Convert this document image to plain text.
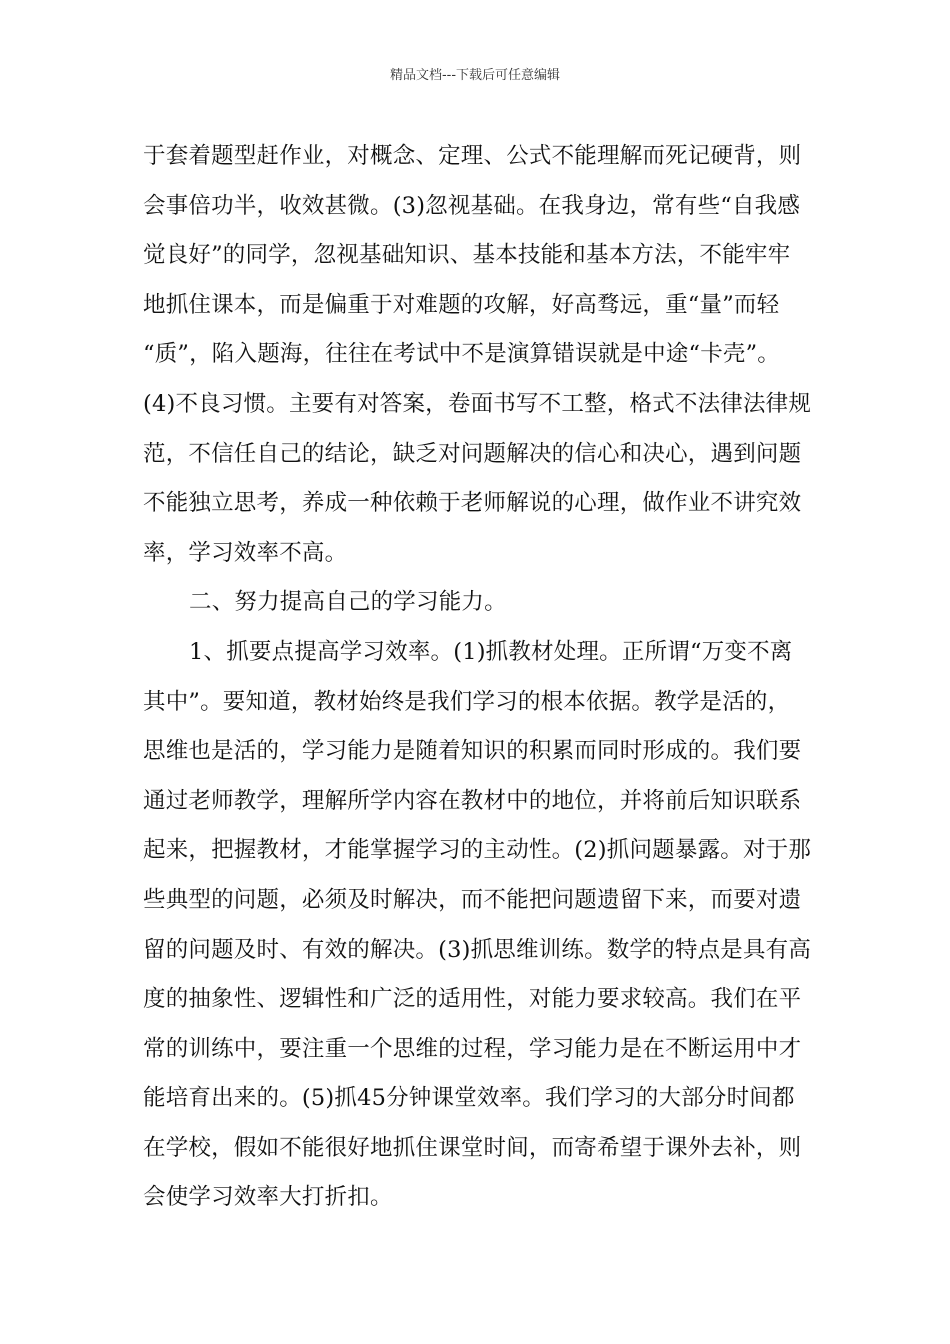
精品文档---下载后可任意编辑
于套着题型赶作业，对概念、定理、公式不能理解而死记硬背，则
会事倍功半，收效甚微。(3)忽视基础。在我身边，常有些“自我感
觉良好”的同学，忽视基础知识、基本技能和基本方法，不能牢牢
地抓住课本，而是偏重于对难题的攻解，好高骛远，重“量”而轻
“质”，陷入题海，往往在考试中不是演算错误就是中途“卡壳”。
(4)不良习惯。主要有对答案，卷面书写不工整，格式不法律法律规
范，不信任自己的结论，缺乏对问题解决的信心和决心，遇到问题
不能独立思考，养成一种依赖于老师解说的心理，做作业不讲究效
率，学习效率不高。
二、努力提高自己的学习能力。
1、抓要点提高学习效率。(1)抓教材处理。正所谓“万变不离
其中”。要知道，教材始终是我们学习的根本依据。教学是活的，
思维也是活的，学习能力是随着知识的积累而同时形成的。我们要
通过老师教学，理解所学内容在教材中的地位，并将前后知识联系
起来，把握教材，才能掌握学习的主动性。(2)抓问题暴露。对于那
些典型的问题，必须及时解决，而不能把问题遗留下来，而要对遗
留的问题及时、有效的解决。(3)抓思维训练。数学的特点是具有高
度的抽象性、逻辑性和广泛的适用性，对能力要求较高。我们在平
常的训练中，要注重一个思维的过程，学习能力是在不断运用中才
能培育出来的。(5)抓45分钟课堂效率。我们学习的大部分时间都
在学校，假如不能很好地抓住课堂时间，而寄希望于课外去补，则
会使学习效率大打折扣。
